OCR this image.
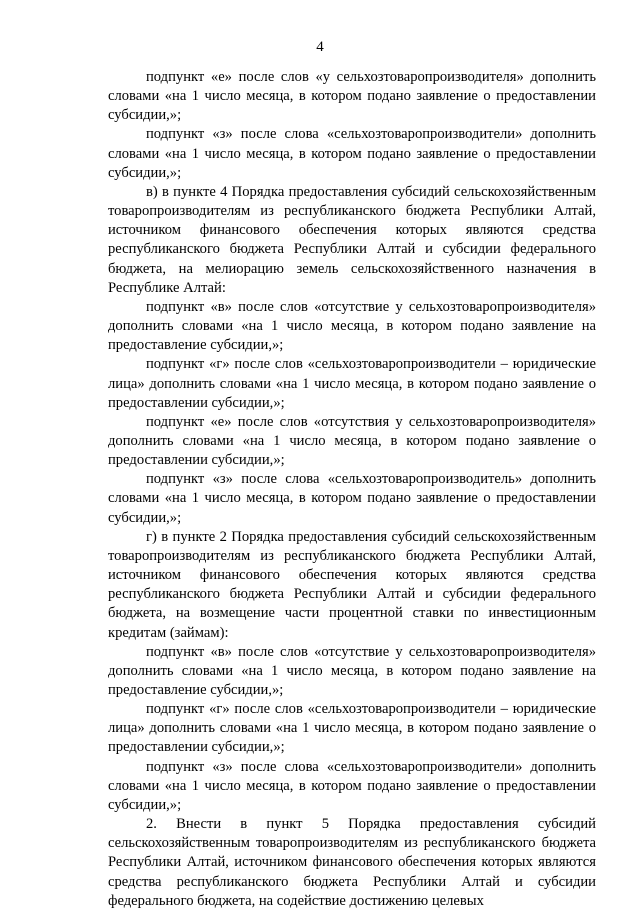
4

подпункт «е» после слов «у сельхозтоваропроизводителя» дополнить словами «на 1 число месяца, в котором подано заявление о предоставлении субсидии,»;

подпункт «з» после слова «сельхозтоваропроизводители» дополнить словами «на 1 число месяца, в котором подано заявление о предоставлении субсидии,»;

в) в пункте 4 Порядка предоставления субсидий сельскохозяйственным товаропроизводителям из республиканского бюджета Республики Алтай, источником финансового обеспечения которых являются средства республиканского бюджета Республики Алтай и субсидии федерального бюджета, на мелиорацию земель сельскохозяйственного назначения в Республике Алтай:

подпункт «в» после слов «отсутствие у сельхозтоваропроизводителя» дополнить словами «на 1 число месяца, в котором подано заявление на предоставление субсидии,»;

подпункт «г» после слов «сельхозтоваропроизводители – юридические лица» дополнить словами «на 1 число месяца, в котором подано заявление о предоставлении субсидии,»;

подпункт «е» после слов «отсутствия у сельхозтоваропроизводителя» дополнить словами «на 1 число месяца, в котором подано заявление о предоставлении субсидии,»;

подпункт «з» после слова «сельхозтоваропроизводитель» дополнить словами «на 1 число месяца, в котором подано заявление о предоставлении субсидии,»;

г) в пункте 2 Порядка предоставления субсидий сельскохозяйственным товаропроизводителям из республиканского бюджета Республики Алтай, источником финансового обеспечения которых являются средства республиканского бюджета Республики Алтай и субсидии федерального бюджета, на возмещение части процентной ставки по инвестиционным кредитам (займам):

подпункт «в» после слов «отсутствие у сельхозтоваропроизводителя» дополнить словами «на 1 число месяца, в котором подано заявление на предоставление субсидии,»;

подпункт «г» после слов «сельхозтоваропроизводители – юридические лица» дополнить словами «на 1 число месяца, в котором подано заявление о предоставлении субсидии,»;

подпункт «з» после слова «сельхозтоваропроизводители» дополнить словами «на 1 число месяца, в котором подано заявление о предоставлении субсидии,»;

2. Внести в пункт 5 Порядка предоставления субсидий сельскохозяйственным товаропроизводителям из республиканского бюджета Республики Алтай, источником финансового обеспечения которых являются средства республиканского бюджета Республики Алтай и субсидии федерального бюджета, на содействие достижению целевых
